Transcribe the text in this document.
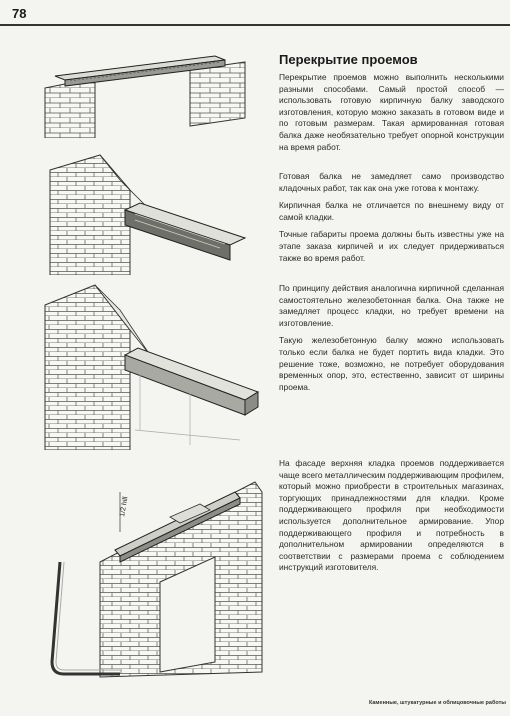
78
1/2 hill
Перекрытие проемов

Перекрытие проемов можно выполнить несколькими разными способами. Самый простой способ — использовать готовую кирпичную балку заводского изготовления, которую можно заказать в готовом виде и по готовым размерам. Такая армированная готовая балка даже необязательно требует опорной конструкции на время работ.

Готовая балка не замедляет само производство кладочных работ, так как она уже готова к монтажу.

Кирпичная балка не отличается по внешнему виду от самой кладки.

Точные габариты проема должны быть известны уже на этапе заказа кирпичей и их следует придерживаться также во время работ.

По принципу действия аналогична кирпичной сделанная самостоятельно железобетонная балка. Она также не замедляет процесс кладки, но требует времени на изготовление.

Такую железобетонную балку можно использовать только если балка не будет портить вида кладки. Это решение тоже, возможно, не потребует оборудования временных опор, это, естественно, зависит от ширины проема.

На фасаде верхняя кладка проемов поддерживается чаще всего металлическим поддерживающим профилем, который можно приобрести в строительных магазинах, торгующих принадлежностями для кладки. Кроме поддерживающего профиля при необходимости используется дополнительное армирование. Упор поддерживающего профиля и потребность в дополнительном армировании определяются в соответствии с размерами проема с соблюдением инструкций изготовителя.

Каменные, штукатурные и облицовочные работы
